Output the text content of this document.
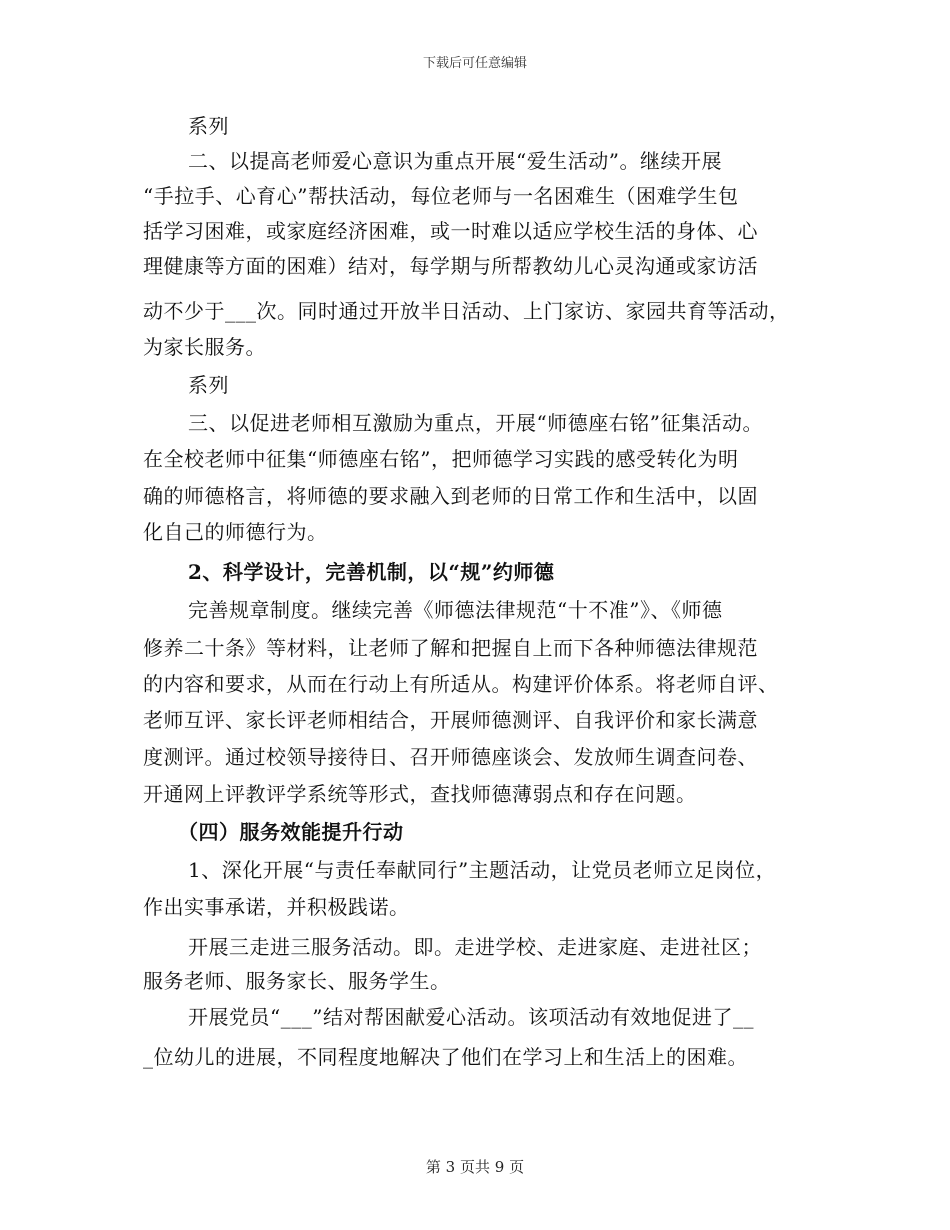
下载后可任意编辑
系列
二、以提高老师爱心意识为重点开展“爱生活动”。继续开展
“手拉手、心育心”帮扶活动，每位老师与一名困难生（困难学生包
括学习困难，或家庭经济困难，或一时难以适应学校生活的身体、心
理健康等方面的困难）结对，每学期与所帮教幼儿心灵沟通或家访活
动不少于___次。同时通过开放半日活动、上门家访、家园共育等活动，
为家长服务。
系列
三、以促进老师相互激励为重点，开展“师德座右铭”征集活动。
在全校老师中征集“师德座右铭”，把师德学习实践的感受转化为明
确的师德格言，将师德的要求融入到老师的日常工作和生活中，以固
化自己的师德行为。
2、科学设计，完善机制，以“规”约师德
完善规章制度。继续完善《师德法律规范“十不准”》、《师德
修养二十条》等材料，让老师了解和把握自上而下各种师德法律规范
的内容和要求，从而在行动上有所适从。构建评价体系。将老师自评、
老师互评、家长评老师相结合，开展师德测评、自我评价和家长满意
度测评。通过校领导接待日、召开师德座谈会、发放师生调查问卷、
开通网上评教评学系统等形式，查找师德薄弱点和存在问题。
（四）服务效能提升行动
1、深化开展“与责任奉献同行”主题活动，让党员老师立足岗位，
作出实事承诺，并积极践诺。
开展三走进三服务活动。即。走进学校、走进家庭、走进社区；
服务老师、服务家长、服务学生。
开展党员“___”结对帮困献爱心活动。该项活动有效地促进了__
_位幼儿的进展，不同程度地解决了他们在学习上和生活上的困难。
第 3 页共 9 页
